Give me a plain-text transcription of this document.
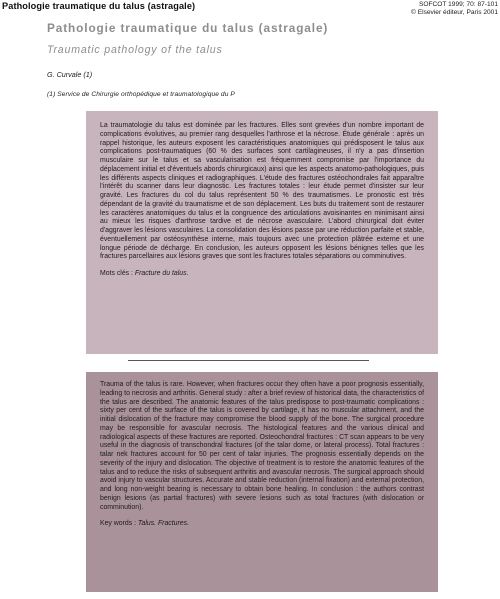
Pathologie traumatique du talus (astragale)	SOFCOT 1999; 70: 87-101
© Elsevier éditeur, Paris 2001
Pathologie traumatique du talus (astragale)
Traumatic pathology of the talus
G. Curvale (1)
(1) Service de Chirurgie orthopédique et traumatologique du P

La traumatologie du talus est dominée par les fractures. Elles sont grevées d'un nombre important de complications évolutives, au premier rang desquelles l'arthrose et la nécrose. Étude générale : après un rappel historique, les auteurs exposent les caractéristiques anatomiques qui prédisposent le talus aux complications post-traumatiques (60 % des surfaces sont cartilagineuses, il n'y a pas d'insertion musculaire sur le talus et sa vascularisation est fréquemment compromise par l'importance du déplacement initial et d'éventuels abords chirurgicaux) ainsi que les aspects anatomo-pathologiques, puis les différents aspects cliniques et radiographiques. L'étude des fractures ostéochondrales fait apparaître l'intérêt du scanner dans leur diagnostic. Les fractures totales : leur étude permet d'insister sur leur gravité. Les fractures du col du talus représentent 50 % des traumatismes. Le pronostic est très dépendant de la gravité du traumatisme et de son déplacement. Les buts du traitement sont de restaurer les caractères anatomiques du talus et la congruence des articulations avoisinantes en minimisant ainsi au mieux les risques d'arthrose tardive et de nécrose avasculaire. L'abord chirurgical doit éviter d'aggraver les lésions vasculaires. La consolidation des lésions passe par une réduction parfaite et stable, éventuellement par ostéosynthèse interne, mais toujours avec une protection plâtrée externe et une longue période de décharge. En conclusion, les auteurs opposent les lésions bénignes telles que les fractures parcellaires aux lésions graves que sont les fractures totales séparations ou comminutives.

Mots clés : Fracture du talus.

Trauma of the talus is rare. However, when fractures occur they often have a poor prognosis essentially, leading to necrosis and arthritis. General study : after a brief review of historical data, the characteristics of the talus are described. The anatomic features of the talus predispose to post-traumatic complications : sixty per cent of the surface of the talus is covered by cartilage, it has no muscular attachment, and the initial dislocation of the fracture may compromise the blood supply of the bone. The surgical procedure may be responsible for avascular necrosis. The histological features and the various clinical and radiological aspects of these fractures are reported. Osteochondral fractures : CT scan appears to be very useful in the diagnosis of transchondral fractures (of the talar dome, or lateral process). Total fractures : talar nek fractures account for 50 per cent of talar injuries. The prognosis essentially depends on the severity of the injury and dislocation. The objective of treatment is to restore the anatomic features of the talus and to reduce the risks of subsequent arthritis and avascular necrosis. The surgical approach should avoid injury to vascular structures. Accurate and stable reduction (internal fixation) and external protection, and long non-weight bearing is necessary to obtain bone healing. In conclusion : the authors contrast benign lesions (as partial fractures) with severe lesions such as total fractures (with dislocation or comminution).

Key words : Talus. Fractures.
